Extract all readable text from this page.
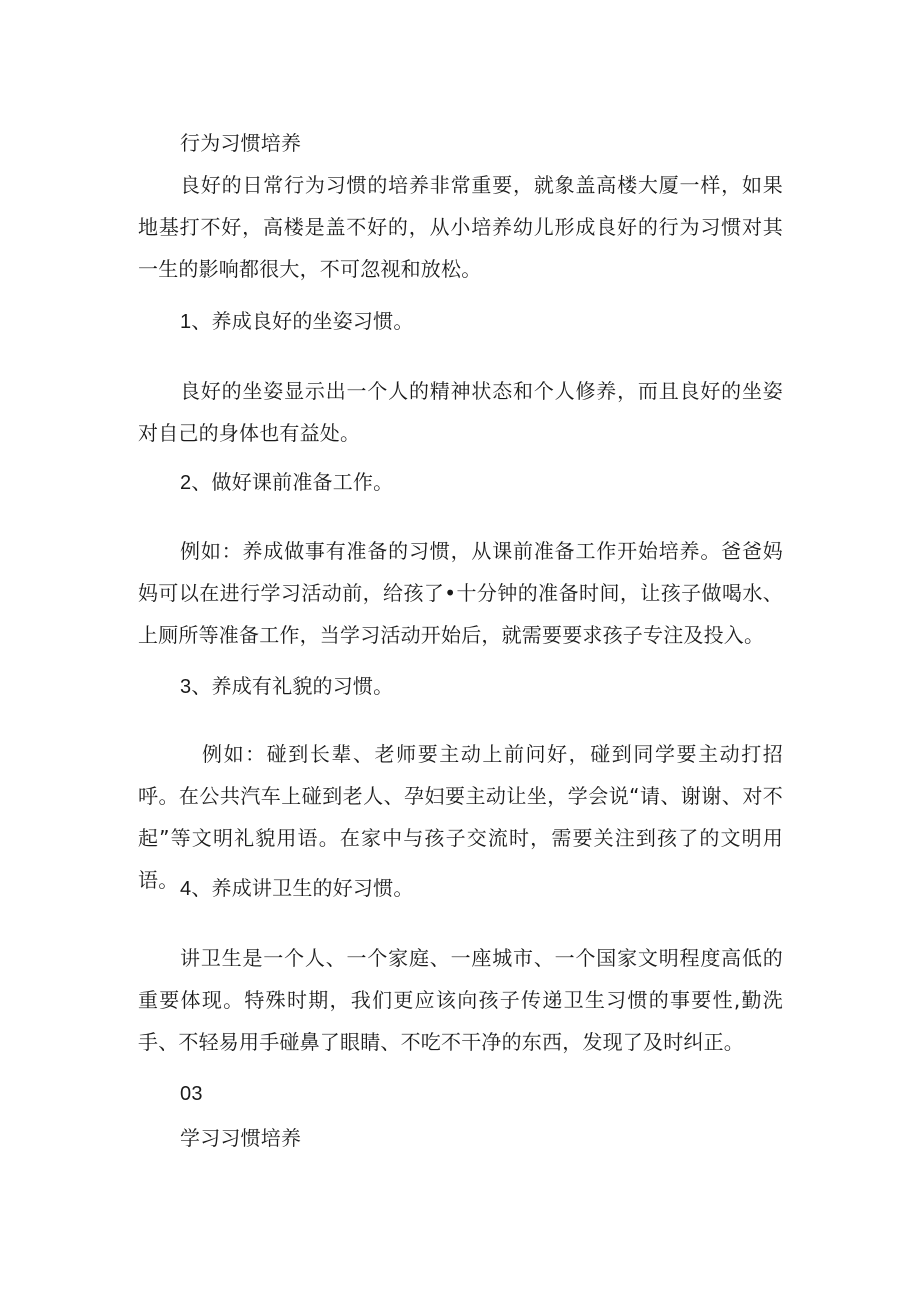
行为习惯培养
良好的日常行为习惯的培养非常重要，就象盖高楼大厦一样，如果地基打不好，高楼是盖不好的，从小培养幼儿形成良好的行为习惯对其一生的影响都很大，不可忽视和放松。
1、养成良好的坐姿习惯。
良好的坐姿显示出一个人的精神状态和个人修养，而且良好的坐姿对自己的身体也有益处。
2、做好课前准备工作。
例如：养成做事有准备的习惯，从课前准备工作开始培养。爸爸妈妈可以在进行学习活动前，给孩了•十分钟的准备时间，让孩子做喝水、上厕所等准备工作，当学习活动开始后，就需要要求孩子专注及投入。
3、养成有礼貌的习惯。
例如：碰到长辈、老师要主动上前问好，碰到同学要主动打招呼。在公共汽车上碰到老人、孕妇要主动让坐，学会说“请、谢谢、对不起”等文明礼貌用语。在家中与孩子交流时，需要关注到孩了的文明用语。 4、养成讲卫生的好习惯。
讲卫生是一个人、一个家庭、一座城市、一个国家文明程度高低的重要体现。特殊时期，我们更应该向孩子传递卫生习惯的事要性,勤洗手、不轻易用手碰鼻了眼睛、不吃不干净的东西，发现了及时纠正。
03
学习习惯培养
